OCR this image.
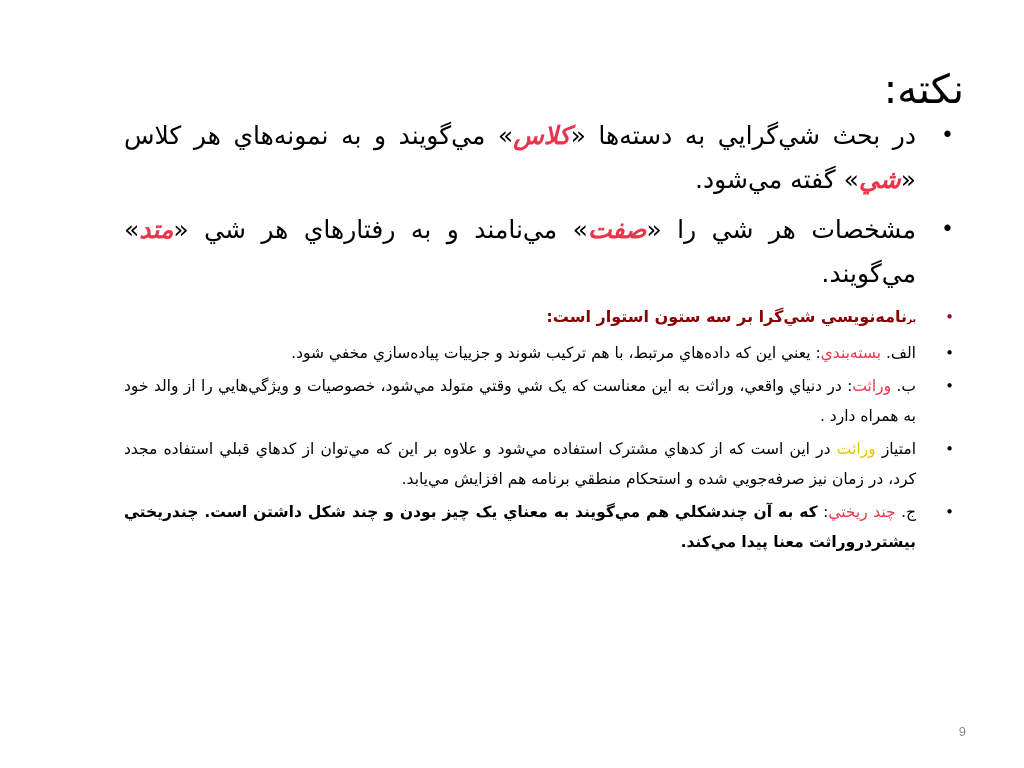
نکته:
•
در بحث شي‌گرايي به دسته‌ها «کلاس» مي‌گويند و به نمونه‌هاي هر کلاس «شي» گفته مي‌شود.
•
مشخصات هر شي را «صفت» مي‌نامند و به رفتارهاي هر شي «متد» مي‌گويند.
•
برنامه‌نويسي شي‌گرا بر سه ستون استوار است:
•
الف. بسته‌بندي: يعني اين که داده‌هاي مرتبط، با هم ترکيب شوند و جزييات پياده‌سازي مخفي شود.
•
ب. وراثت: در دنياي واقعي، وراثت به اين معناست که يک شي وقتي متولد مي‌شود، خصوصيات و ويژگي‌هايي را از والد خود به همراه دارد .
•
امتياز وراثت در اين است که از کدهاي مشترک استفاده مي‌شود و علاوه بر اين که مي‌توان از کدهاي قبلي استفاده مجدد کرد، در زمان نيز صرفه‌جويي شده و استحکام منطقي برنامه هم افزايش مي‌يابد.
•
ج. چند ريختي: که به آن چندشکلي هم مي‌گويند به معناي يک چيز بودن و چند شکل داشتن است. چندريختي بيشتردروراثت معنا پيدا مي‌کند.
9
